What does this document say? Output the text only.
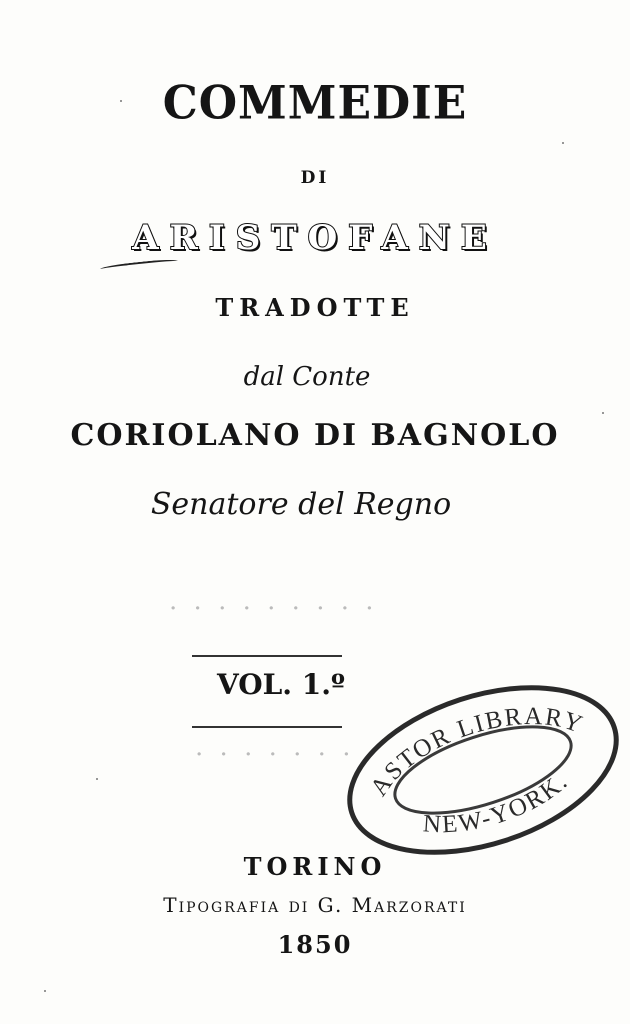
COMMEDIE
DI
ARISTOFANE
TRADOTTE
dal Conte
CORIOLANO DI BAGNOLO
Senatore del Regno
· · · · · · · · ·
VOL. 1.º
· · · · · · · ·
ASTOR LIBRARY
NEW-YORK.
TORINO
Tipografia di G. Marzorati
1850
